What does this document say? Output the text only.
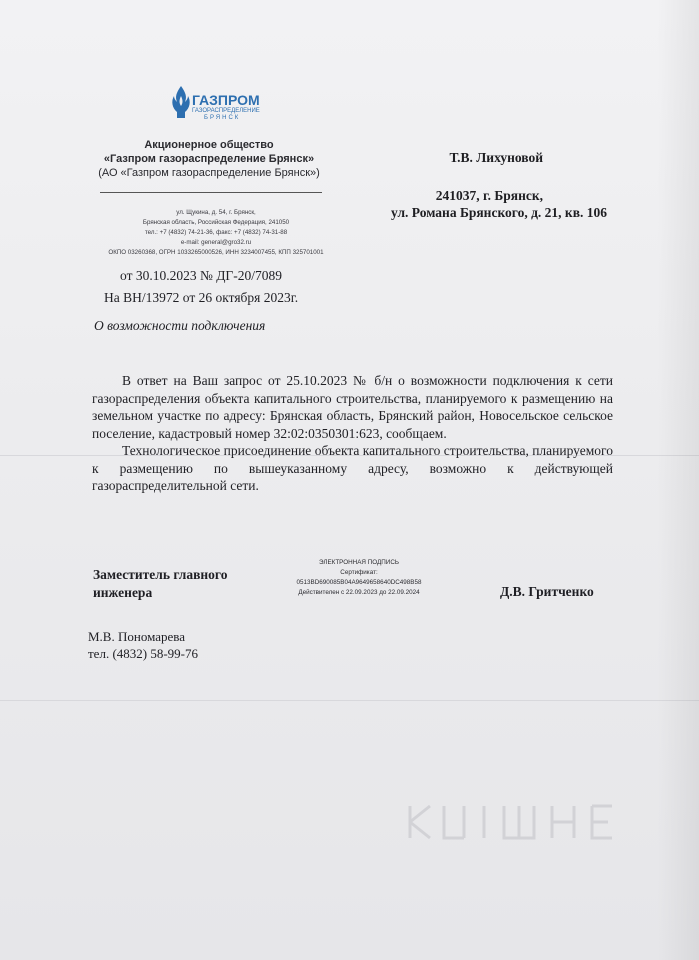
ГАЗПРОМ
ГАЗОРАСПРЕДЕЛЕНИЕ
БРЯНСК
Акционерное общество
«Газпром газораспределение Брянск»
(АО «Газпром газораспределение Брянск»)
ул. Щукина, д. 54, г. Брянск,
Брянская область, Российская Федерация, 241050
тел.: +7 (4832) 74-21-36, факс: +7 (4832) 74-31-88
e-mail: general@gro32.ru
ОКПО 03260368, ОГРН 1033265000526, ИНН 3234007455, КПП 325701001
Т.В. Лихуновой
241037, г. Брянск,
ул. Романа Брянского, д. 21, кв. 106
от 30.10.2023 № ДГ-20/7089
На ВН/13972 от 26 октября 2023г.
О возможности подключения

В ответ на Ваш запрос от 25.10.2023 № б/н о возможности подключения к сети газораспределения объекта капитального строительства, планируемого к размещению на земельном участке по адресу: Брянская область, Брянский район, Новосельское сельское поселение, кадастровый номер 32:02:0350301:623, сообщаем.

Технологическое присоединение объекта капитального строительства, планируемого к размещению по вышеуказанному адресу, возможно к действующей газораспределительной сети.

Заместитель главного
инженера
ЭЛЕКТРОННАЯ ПОДПИСЬ
Сертификат:
0513BD690085B04A9649658640DC498B58
Действителен с 22.09.2023 до 22.09.2024	Д.В. Гритченко
М.В. Пономарева
тел. (4832) 58-99-76
